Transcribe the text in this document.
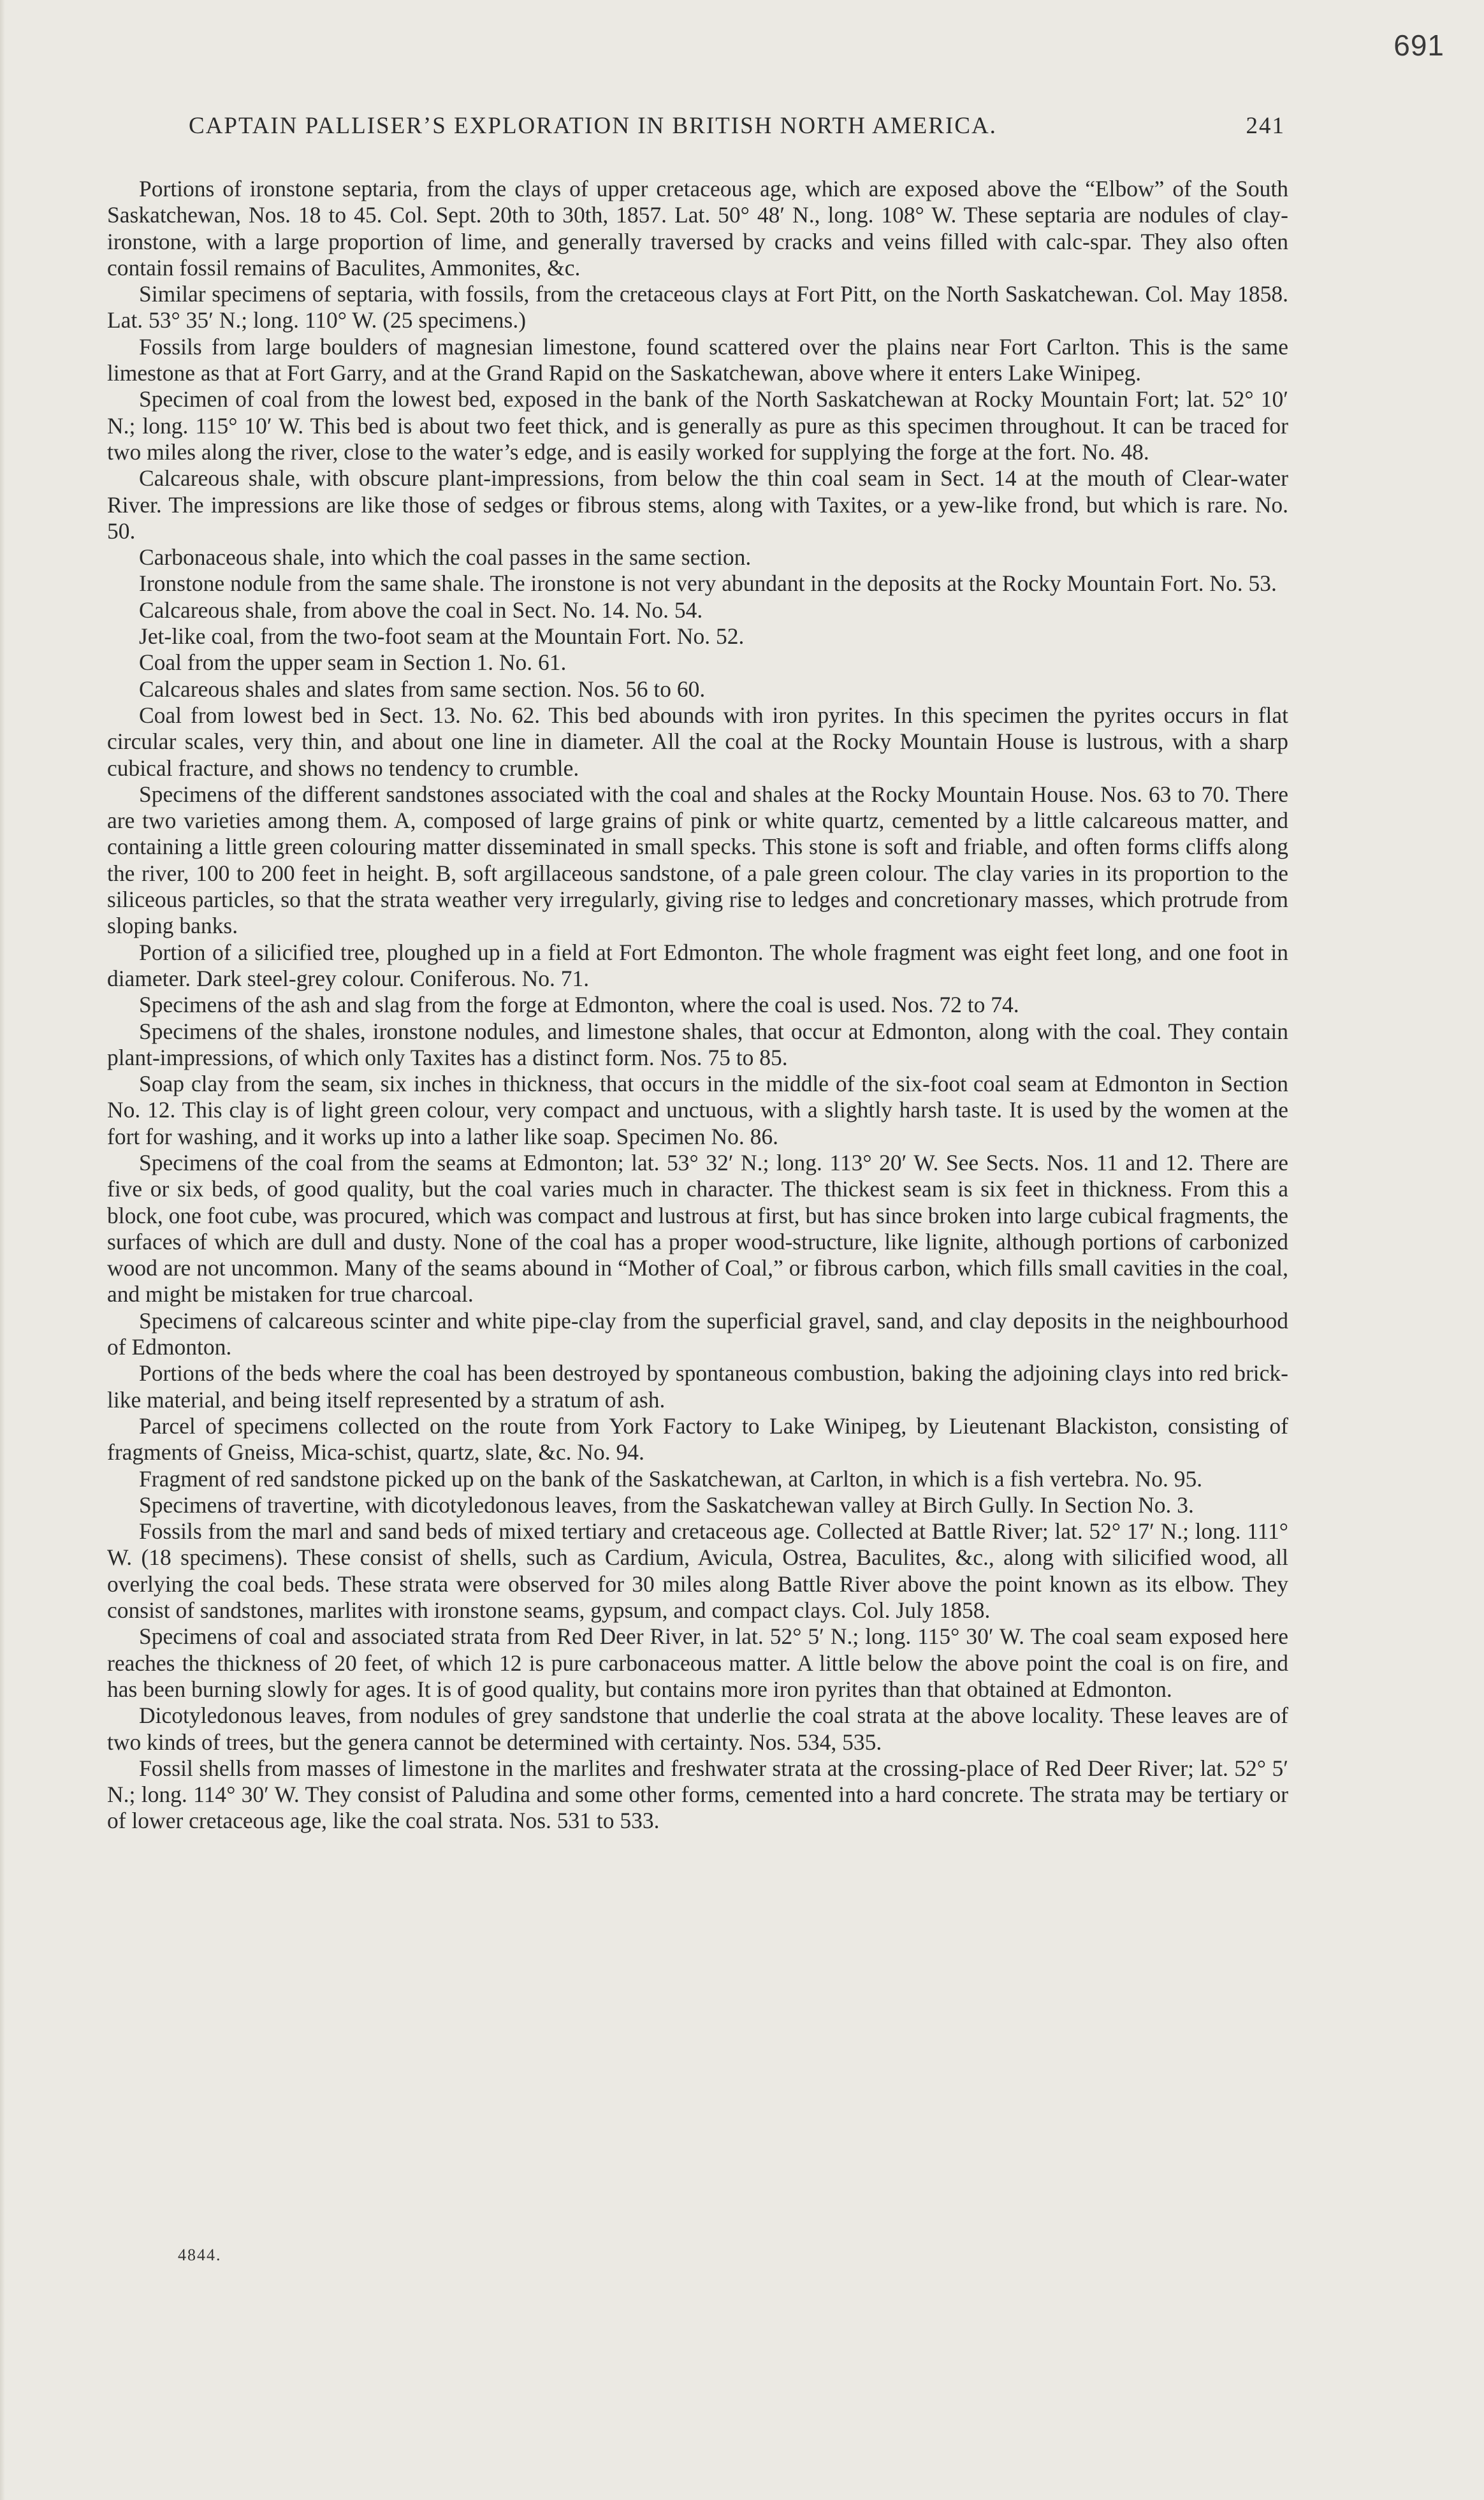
691
CAPTAIN PALLISER’S EXPLORATION IN BRITISH NORTH AMERICA.	241

Portions of ironstone septaria, from the clays of upper cretaceous age, which are exposed above the “Elbow” of the South Saskatchewan, Nos. 18 to 45. Col. Sept. 20th to 30th, 1857. Lat. 50° 48′ N., long. 108° W. These septaria are nodules of clay-ironstone, with a large proportion of lime, and generally traversed by cracks and veins filled with calc-spar. They also often contain fossil remains of Baculites, Ammonites, &c.

Similar specimens of septaria, with fossils, from the cretaceous clays at Fort Pitt, on the North Saskatchewan. Col. May 1858. Lat. 53° 35′ N.; long. 110° W. (25 specimens.)

Fossils from large boulders of magnesian limestone, found scattered over the plains near Fort Carlton. This is the same limestone as that at Fort Garry, and at the Grand Rapid on the Saskatchewan, above where it enters Lake Winipeg.

Specimen of coal from the lowest bed, exposed in the bank of the North Saskatchewan at Rocky Mountain Fort; lat. 52° 10′ N.; long. 115° 10′ W. This bed is about two feet thick, and is generally as pure as this specimen throughout. It can be traced for two miles along the river, close to the water’s edge, and is easily worked for supplying the forge at the fort. No. 48.

Calcareous shale, with obscure plant-impressions, from below the thin coal seam in Sect. 14 at the mouth of Clear-water River. The impressions are like those of sedges or fibrous stems, along with Taxites, or a yew-like frond, but which is rare. No. 50.

Carbonaceous shale, into which the coal passes in the same section.

Ironstone nodule from the same shale. The ironstone is not very abundant in the deposits at the Rocky Mountain Fort. No. 53.

Calcareous shale, from above the coal in Sect. No. 14. No. 54.

Jet-like coal, from the two-foot seam at the Mountain Fort. No. 52.

Coal from the upper seam in Section 1. No. 61.

Calcareous shales and slates from same section. Nos. 56 to 60.

Coal from lowest bed in Sect. 13. No. 62. This bed abounds with iron pyrites. In this specimen the pyrites occurs in flat circular scales, very thin, and about one line in diameter. All the coal at the Rocky Mountain House is lustrous, with a sharp cubical fracture, and shows no tendency to crumble.

Specimens of the different sandstones associated with the coal and shales at the Rocky Mountain House. Nos. 63 to 70. There are two varieties among them. A, composed of large grains of pink or white quartz, cemented by a little calcareous matter, and containing a little green colouring matter disseminated in small specks. This stone is soft and friable, and often forms cliffs along the river, 100 to 200 feet in height. B, soft argillaceous sandstone, of a pale green colour. The clay varies in its proportion to the siliceous particles, so that the strata weather very irregularly, giving rise to ledges and concretionary masses, which protrude from sloping banks.

Portion of a silicified tree, ploughed up in a field at Fort Edmonton. The whole fragment was eight feet long, and one foot in diameter. Dark steel-grey colour. Coniferous. No. 71.

Specimens of the ash and slag from the forge at Edmonton, where the coal is used. Nos. 72 to 74.

Specimens of the shales, ironstone nodules, and limestone shales, that occur at Edmonton, along with the coal. They contain plant-impressions, of which only Taxites has a distinct form. Nos. 75 to 85.

Soap clay from the seam, six inches in thickness, that occurs in the middle of the six-foot coal seam at Edmonton in Section No. 12. This clay is of light green colour, very compact and unctuous, with a slightly harsh taste. It is used by the women at the fort for washing, and it works up into a lather like soap. Specimen No. 86.

Specimens of the coal from the seams at Edmonton; lat. 53° 32′ N.; long. 113° 20′ W. See Sects. Nos. 11 and 12. There are five or six beds, of good quality, but the coal varies much in character. The thickest seam is six feet in thickness. From this a block, one foot cube, was procured, which was compact and lustrous at first, but has since broken into large cubical fragments, the surfaces of which are dull and dusty. None of the coal has a proper wood-structure, like lignite, although portions of carbonized wood are not uncommon. Many of the seams abound in “Mother of Coal,” or fibrous carbon, which fills small cavities in the coal, and might be mistaken for true charcoal.

Specimens of calcareous scinter and white pipe-clay from the superficial gravel, sand, and clay deposits in the neighbourhood of Edmonton.

Portions of the beds where the coal has been destroyed by spontaneous combustion, baking the adjoining clays into red brick-like material, and being itself represented by a stratum of ash.

Parcel of specimens collected on the route from York Factory to Lake Winipeg, by Lieutenant Blackiston, consisting of fragments of Gneiss, Mica-schist, quartz, slate, &c. No. 94.

Fragment of red sandstone picked up on the bank of the Saskatchewan, at Carlton, in which is a fish vertebra. No. 95.

Specimens of travertine, with dicotyledonous leaves, from the Saskatchewan valley at Birch Gully. In Section No. 3.

Fossils from the marl and sand beds of mixed tertiary and cretaceous age. Collected at Battle River; lat. 52° 17′ N.; long. 111° W. (18 specimens). These consist of shells, such as Cardium, Avicula, Ostrea, Baculites, &c., along with silicified wood, all overlying the coal beds. These strata were observed for 30 miles along Battle River above the point known as its elbow. They consist of sandstones, marlites with ironstone seams, gypsum, and compact clays. Col. July 1858.

Specimens of coal and associated strata from Red Deer River, in lat. 52° 5′ N.; long. 115° 30′ W. The coal seam exposed here reaches the thickness of 20 feet, of which 12 is pure carbonaceous matter. A little below the above point the coal is on fire, and has been burning slowly for ages. It is of good quality, but contains more iron pyrites than that obtained at Edmonton.

Dicotyledonous leaves, from nodules of grey sandstone that underlie the coal strata at the above locality. These leaves are of two kinds of trees, but the genera cannot be determined with certainty. Nos. 534, 535.

Fossil shells from masses of limestone in the marlites and freshwater strata at the crossing-place of Red Deer River; lat. 52° 5′ N.; long. 114° 30′ W. They consist of Paludina and some other forms, cemented into a hard concrete. The strata may be tertiary or of lower cretaceous age, like the coal strata. Nos. 531 to 533.

4844.
